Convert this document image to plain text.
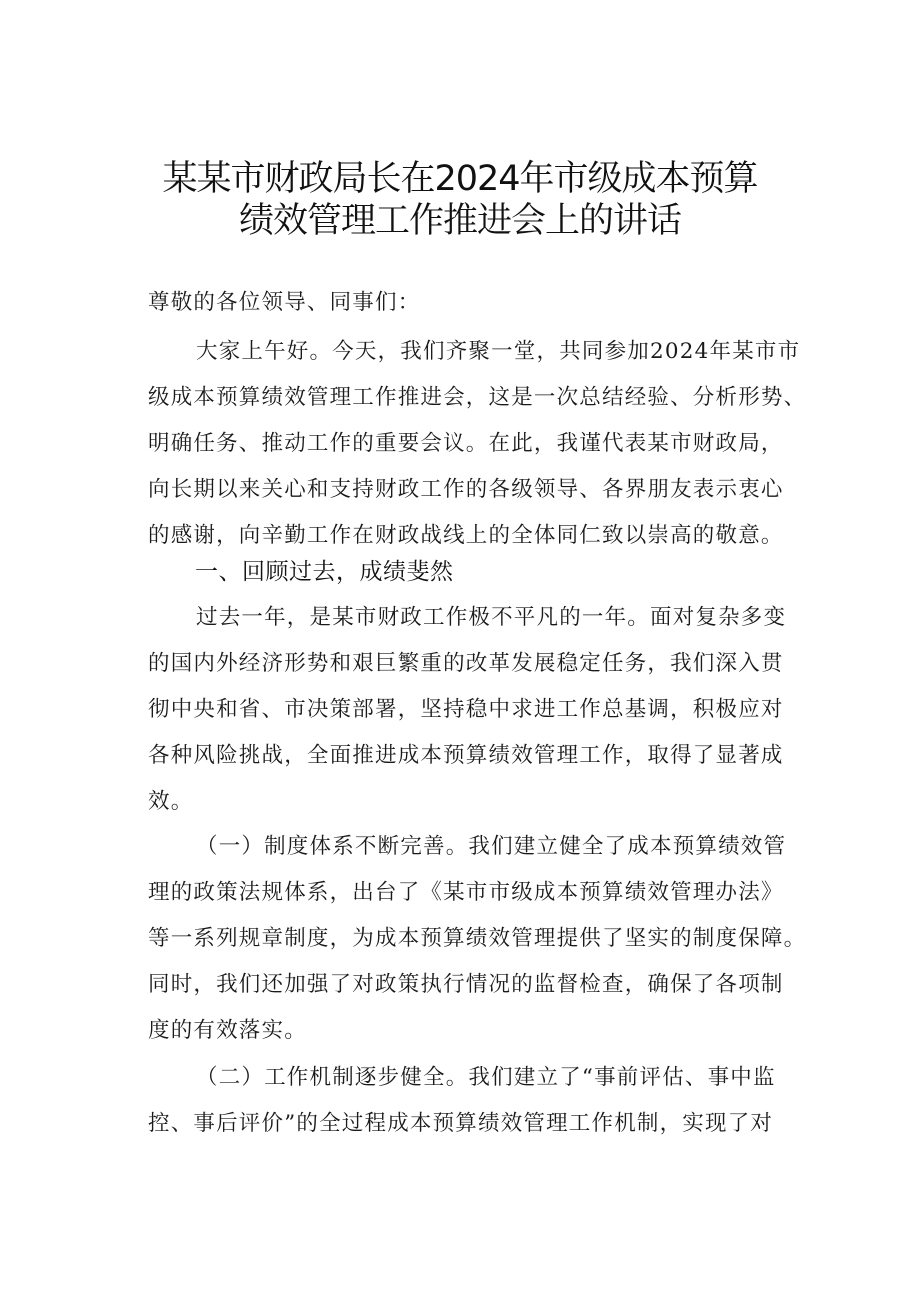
某某市财政局长在2024年市级成本预算
绩效管理工作推进会上的讲话
尊敬的各位领导、同事们：
大家上午好。今天，我们齐聚一堂，共同参加2024年某市市
级成本预算绩效管理工作推进会，这是一次总结经验、分析形势、
明确任务、推动工作的重要会议。在此，我谨代表某市财政局，
向长期以来关心和支持财政工作的各级领导、各界朋友表示衷心
的感谢，向辛勤工作在财政战线上的全体同仁致以崇高的敬意。
一、回顾过去，成绩斐然
过去一年，是某市财政工作极不平凡的一年。面对复杂多变
的国内外经济形势和艰巨繁重的改革发展稳定任务，我们深入贯
彻中央和省、市决策部署，坚持稳中求进工作总基调，积极应对
各种风险挑战，全面推进成本预算绩效管理工作，取得了显著成
效。
（一）制度体系不断完善。我们建立健全了成本预算绩效管
理的政策法规体系，出台了《某市市级成本预算绩效管理办法》
等一系列规章制度，为成本预算绩效管理提供了坚实的制度保障。
同时，我们还加强了对政策执行情况的监督检查，确保了各项制
度的有效落实。
（二）工作机制逐步健全。我们建立了“事前评估、事中监
控、事后评价”的全过程成本预算绩效管理工作机制，实现了对
